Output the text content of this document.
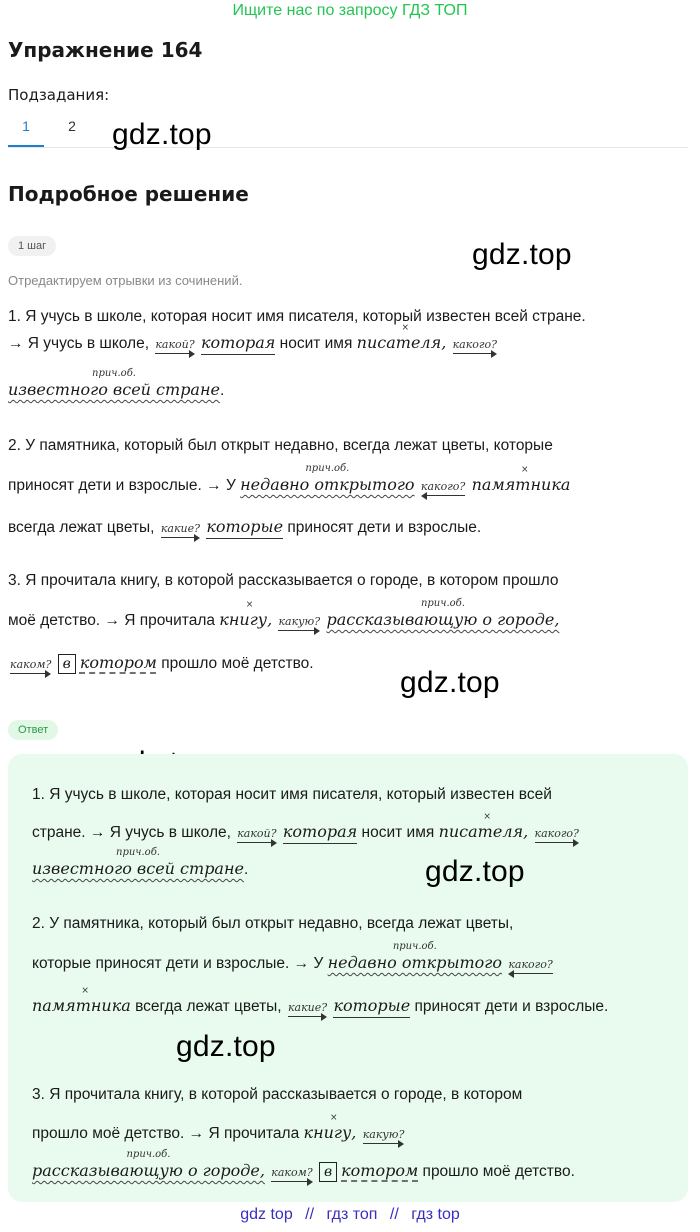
Ищите нас по запросу ГДЗ ТОП
Упражнение 164
Подзадания:
1	2	gdz.top
Подробное решение
1 шаг	gdz.top
Отредактируем отрывки из сочинений.
1. Я учусь в школе, которая носит имя писателя, который известен всей стране.
→ Я учусь в школе, какой? которая носит имя
×
писателя, какого?
прич.об.
известного всей стране.
2. У памятника, который был открыт недавно, всегда лежат цветы, которые
приносят дети и взрослые. → У
прич.об.
недавно открытого какого?

×
памятника
всегда лежат цветы, какие? которые приносят дети и взрослые.
3. Я прочитала книгу, в которой рассказывается о городе, в котором прошло
моё детство. → Я прочитала
×
книгу, какую?

прич.об.
рассказывающую о городе,
каком? в котором прошло моё детство.
gdz.top
Ответ
1. Я учусь в школе, которая носит имя писателя, который известен всей
стране. → Я учусь в школе, какой? которая носит имя
×
писателя, какого?
прич.об.
известного всей стране.	gdz.top
2. У памятника, который был открыт недавно, всегда лежат цветы,
которые приносят дети и взрослые. → У
прич.об.
недавно открытого какого?
×
памятника всегда лежат цветы, какие? которые приносят дети и взрослые.
gdz.top
3. Я прочитала книгу, в которой рассказывается о городе, в котором
прошло моё детство. → Я прочитала
×
книгу, какую?
прич.об.
рассказывающую о городе, каком? в котором прошло моё детство.
gdz top // гдз топ // гдз top
